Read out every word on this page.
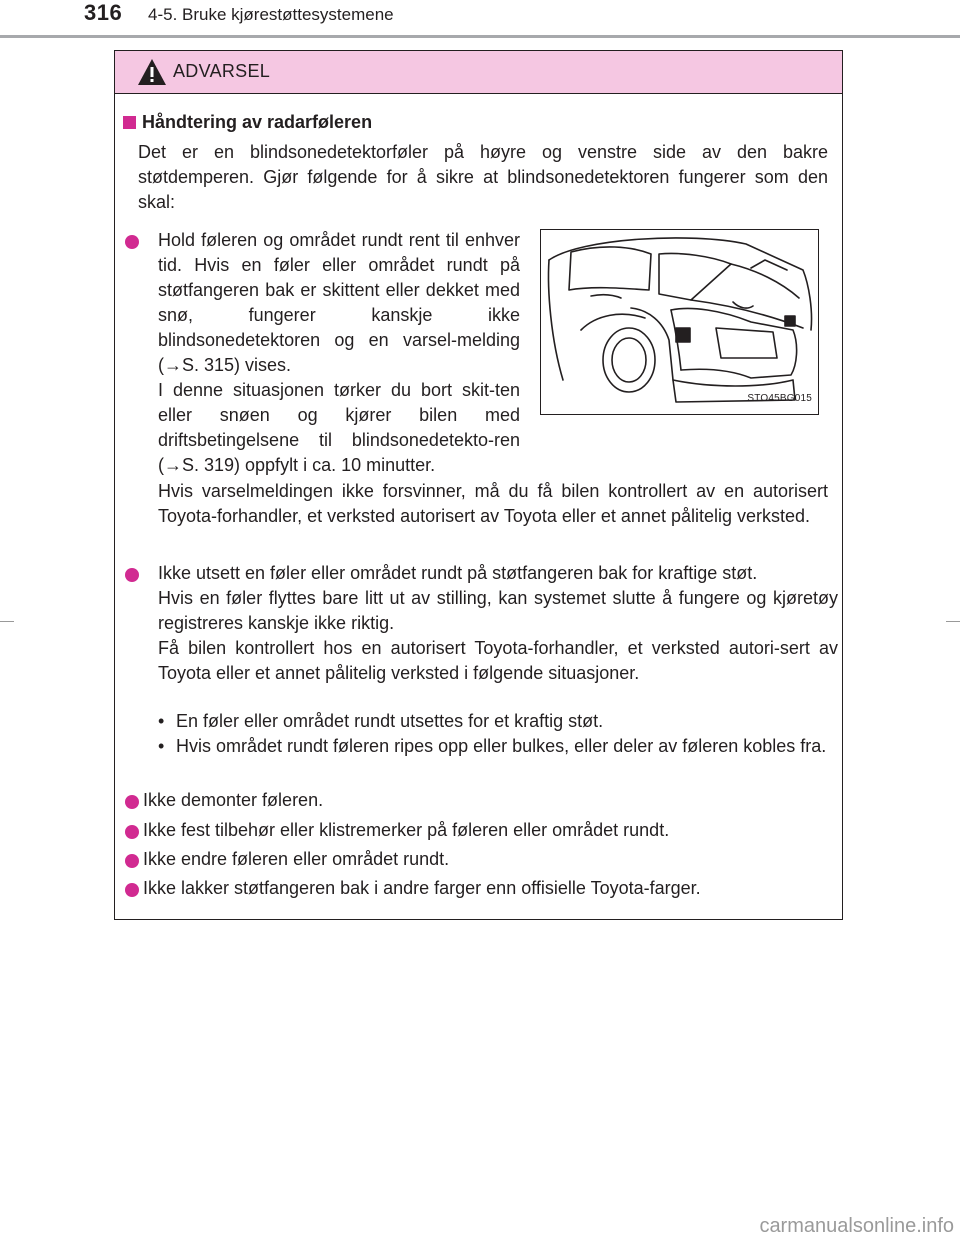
316 4-5. Bruke kjørestøttesystemene
ADVARSEL
Håndtering av radarføleren

Det er en blindsonedetektorføler på høyre og venstre side av den bakre støtdemperen. Gjør følgende for å sikre at blindsonedetektoren fungerer som den skal:

Hold føleren og området rundt rent til enhver tid. Hvis en føler eller området rundt på støtfangeren bak er skittent eller dekket med snø, fungerer kanskje ikke blindsonedetektoren og en varsel-melding (→S. 315) vises.
I denne situasjonen tørker du bort skit-ten eller snøen og kjører bilen med driftsbetingelsene til blindsonedetekto-ren (→S. 319) oppfylt i ca. 10 minutter.

STO45BG015

Hvis varselmeldingen ikke forsvinner, må du få bilen kontrollert av en autorisert Toyota-forhandler, et verksted autorisert av Toyota eller et annet pålitelig verksted.

Ikke utsett en føler eller området rundt på støtfangeren bak for kraftige støt.
Hvis en føler flyttes bare litt ut av stilling, kan systemet slutte å fungere og kjøretøy registreres kanskje ikke riktig.
Få bilen kontrollert hos en autorisert Toyota-forhandler, et verksted autori-sert av Toyota eller et annet pålitelig verksted i følgende situasjoner.

• En føler eller området rundt utsettes for et kraftig støt.
• Hvis området rundt føleren ripes opp eller bulkes, eller deler av føleren kobles fra.

Ikke demonter føleren.

Ikke fest tilbehør eller klistremerker på føleren eller området rundt.

Ikke endre føleren eller området rundt.

Ikke lakker støtfangeren bak i andre farger enn offisielle Toyota-farger.

carmanualsonline.info
